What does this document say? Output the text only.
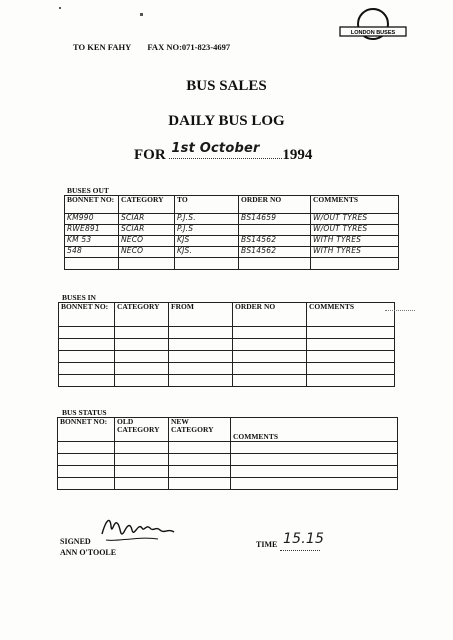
TO KEN FAHY FAX NO:071-823-4697
LONDON BUSES
BUS SALES
DAILY BUS LOG
FOR 1st October 1994
BUSES OUT
BONNET NO:	CATEGORY	TO	ORDER NO	COMMENTS
KM990	SCIAR	P.J.S.	BS14659	W/OUT TYRES
RWE891	SCIAR	P.J.S		W/OUT TYRES
KM 53	NECO	KJS	BS14562	WITH TYRES
548	NECO	KJS.	BS14562	WITH TYRES

BUSES IN
BONNET NO:	CATEGORY	FROM	ORDER NO	COMMENTS

BUS STATUS
BONNET NO:	OLD CATEGORY	NEW CATEGORY	COMMENTS

SIGNED
ANN O'TOOLE
TIME 15.15
